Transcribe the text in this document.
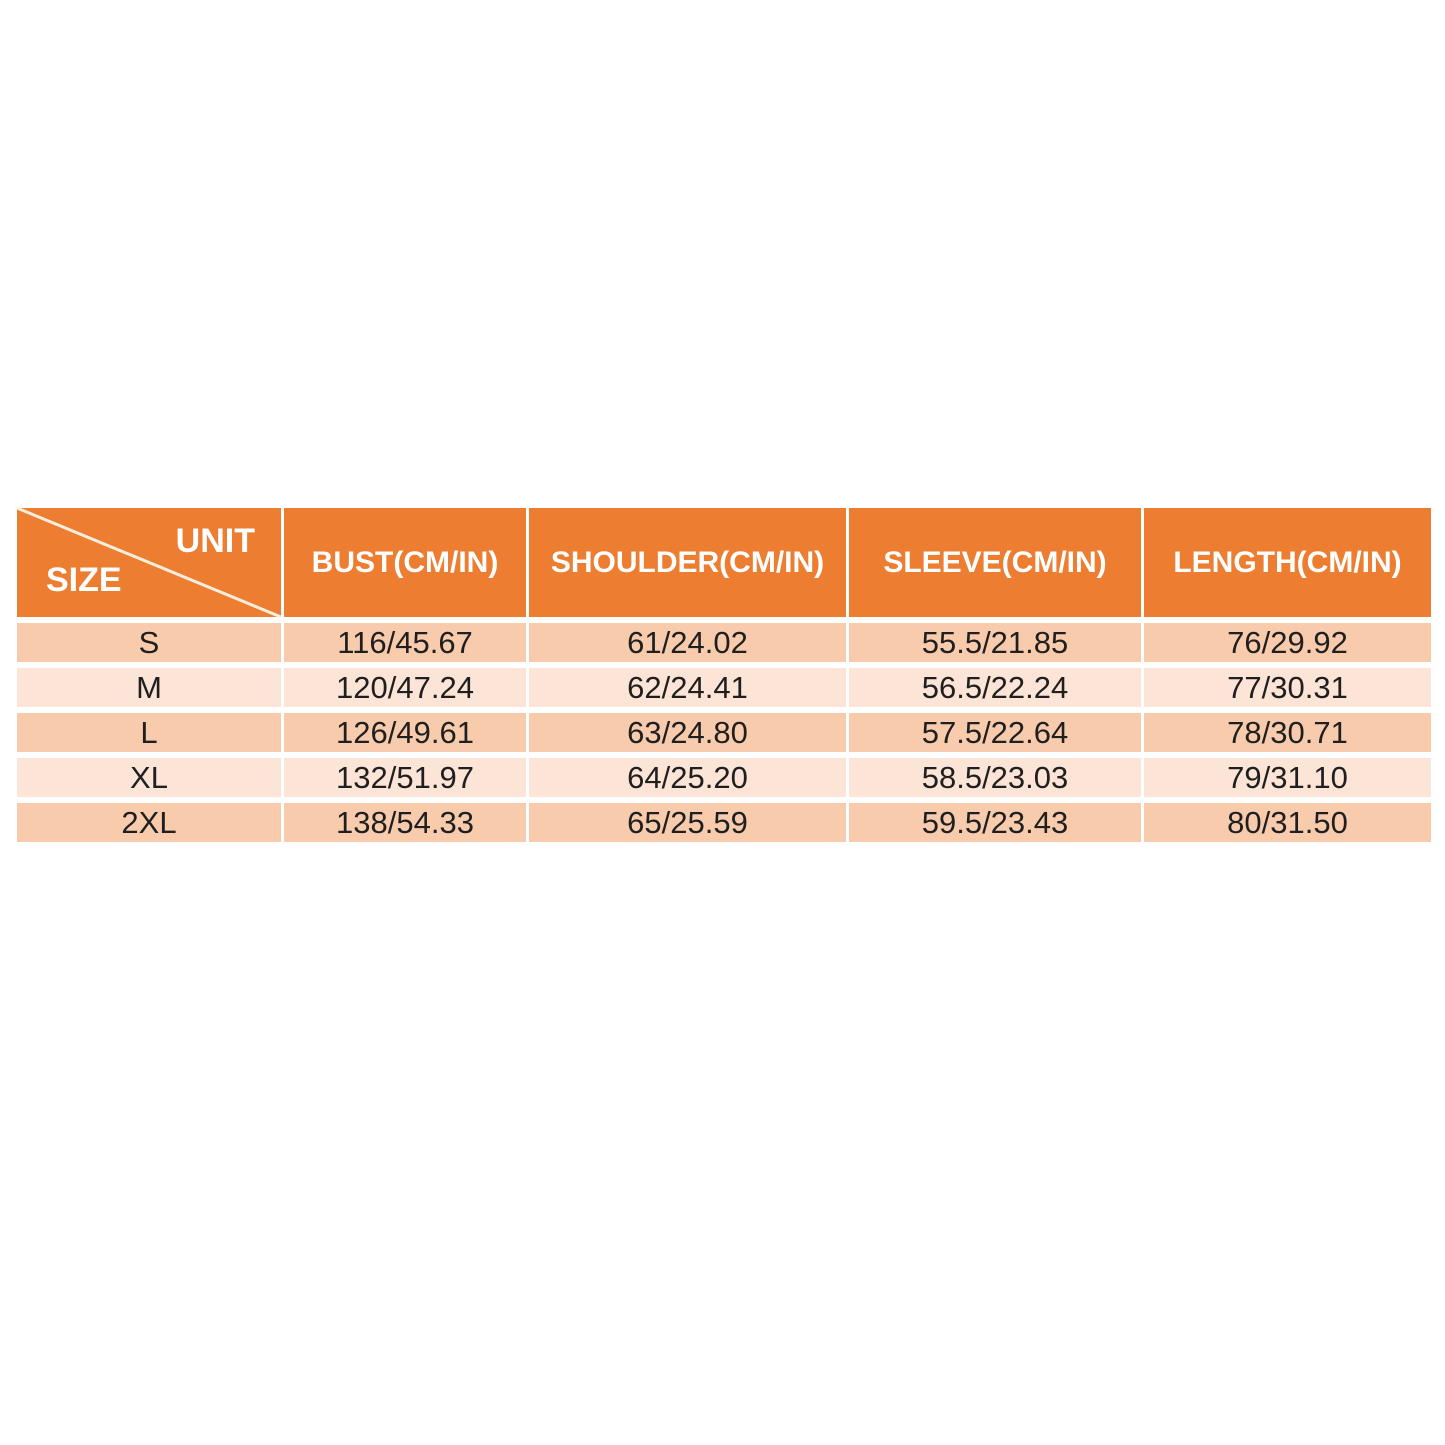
UNIT
SIZE	BUST(CM/IN)	SHOULDER(CM/IN)	SLEEVE(CM/IN)	LENGTH(CM/IN)
S	116/45.67	61/24.02	55.5/21.85	76/29.92
M	120/47.24	62/24.41	56.5/22.24	77/30.31
L	126/49.61	63/24.80	57.5/22.64	78/30.71
XL	132/51.97	64/25.20	58.5/23.03	79/31.10
2XL	138/54.33	65/25.59	59.5/23.43	80/31.50
